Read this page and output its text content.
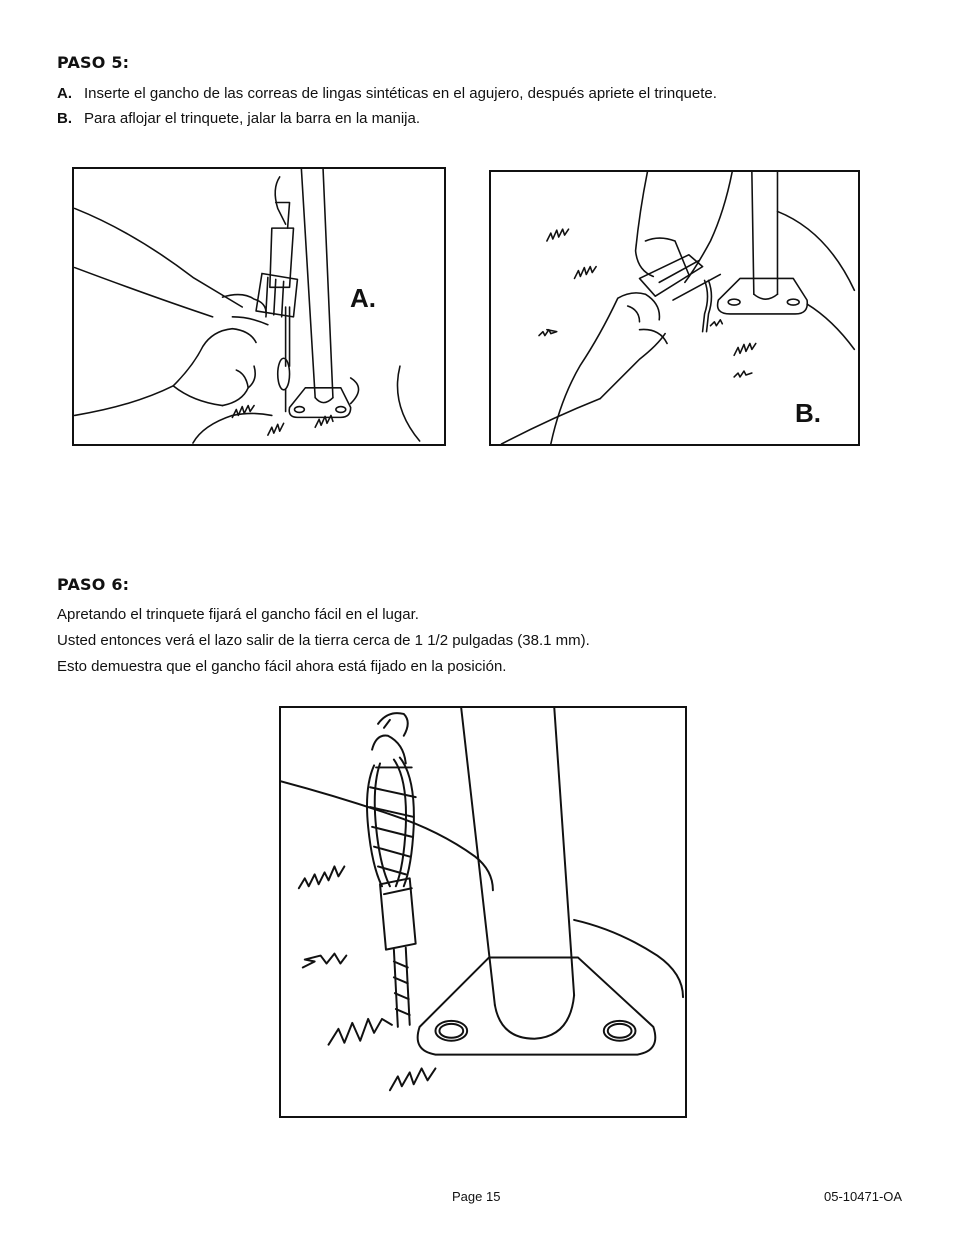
PASO 5:
A. Inserte el gancho de las correas de lingas sintéticas en el agujero, después apriete el trinquete.
B. Para aflojar el trinquete, jalar la barra en la manija.
A.
B.
PASO 6:
Apretando el trinquete fijará el gancho fácil en el lugar.
Usted entonces verá el lazo salir de la tierra cerca de 1 1/2 pulgadas (38.1 mm).
Esto demuestra que el gancho fácil ahora está fijado en la posición.
Page 15	05-10471-OA
